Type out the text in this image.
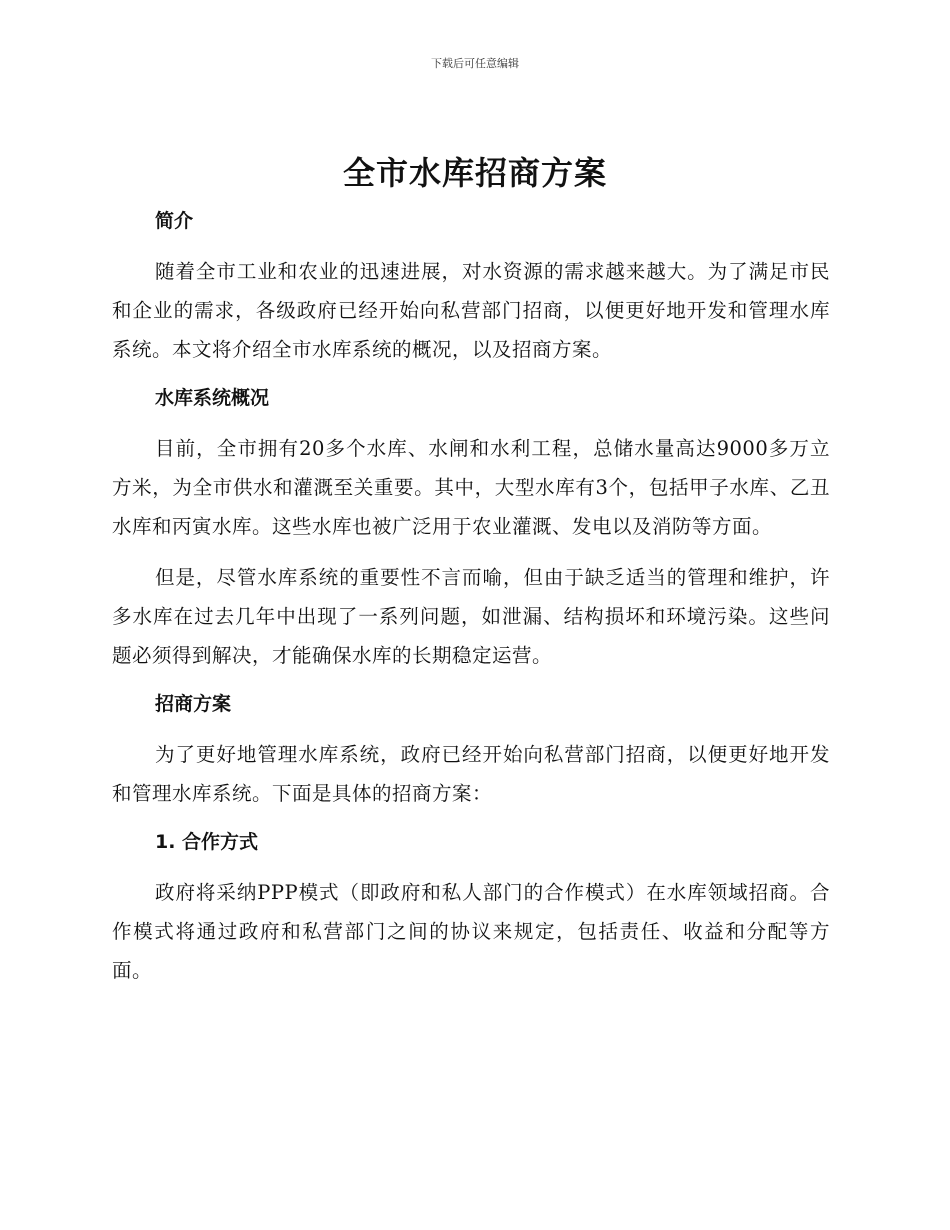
下载后可任意编辑
全市水库招商方案

简介

随着全市工业和农业的迅速进展，对水资源的需求越来越大。为了满足市民和企业的需求，各级政府已经开始向私营部门招商，以便更好地开发和管理水库系统。本文将介绍全市水库系统的概况，以及招商方案。

水库系统概况

目前，全市拥有20多个水库、水闸和水利工程，总储水量高达9000多万立方米，为全市供水和灌溉至关重要。其中，大型水库有3个，包括甲子水库、乙丑水库和丙寅水库。这些水库也被广泛用于农业灌溉、发电以及消防等方面。

但是，尽管水库系统的重要性不言而喻，但由于缺乏适当的管理和维护，许多水库在过去几年中出现了一系列问题，如泄漏、结构损坏和环境污染。这些问题必须得到解决，才能确保水库的长期稳定运营。

招商方案

为了更好地管理水库系统，政府已经开始向私营部门招商，以便更好地开发和管理水库系统。下面是具体的招商方案：

1. 合作方式

政府将采纳PPP模式（即政府和私人部门的合作模式）在水库领域招商。合作模式将通过政府和私营部门之间的协议来规定，包括责任、收益和分配等方面。
